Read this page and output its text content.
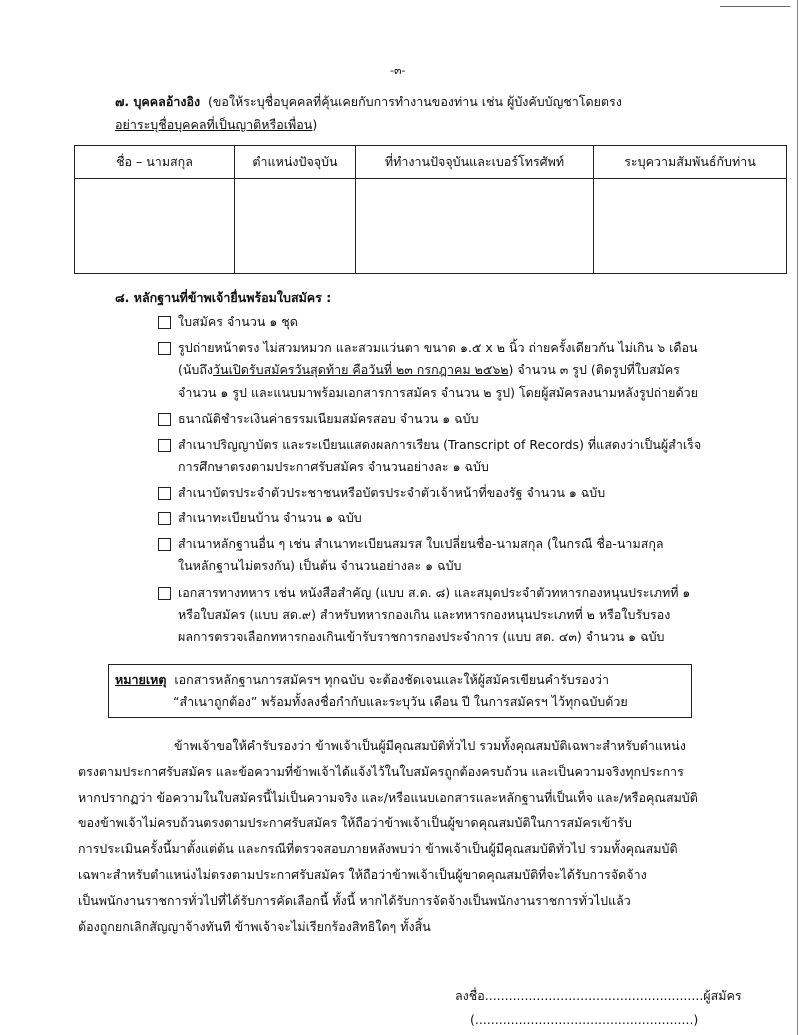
-๓-
๗. บุคคลอ้างอิง (ขอให้ระบุชื่อบุคคลที่คุ้นเคยกับการทำงานของท่าน เช่น ผู้บังคับบัญชาโดยตรง
อย่าระบุชื่อบุคคลที่เป็นญาติหรือเพื่อน)
ชื่อ – นามสกุล	ตำแหน่งปัจจุบัน	ที่ทำงานปัจจุบันและเบอร์โทรศัพท์	ระบุความสัมพันธ์กับท่าน

๘. หลักฐานที่ข้าพเจ้ายื่นพร้อมใบสมัคร :
ใบสมัคร จำนวน ๑ ชุด
รูปถ่ายหน้าตรง ไม่สวมหมวก และสวมแว่นตา ขนาด ๑.๕ x ๒ นิ้ว ถ่ายครั้งเดียวกัน ไม่เกิน ๖ เดือน
(นับถึงวันเปิดรับสมัครวันสุดท้าย คือวันที่ ๒๓ กรกฎาคม ๒๕๖๒) จำนวน ๓ รูป (ติดรูปที่ใบสมัคร
จำนวน ๑ รูป และแนบมาพร้อมเอกสารการสมัคร จำนวน ๒ รูป) โดยผู้สมัครลงนามหลังรูปถ่ายด้วย
ธนาณัติชำระเงินค่าธรรมเนียมสมัครสอบ จำนวน ๑ ฉบับ
สำเนาปริญญาบัตร และระเบียนแสดงผลการเรียน (Transcript of Records) ที่แสดงว่าเป็นผู้สำเร็จ
การศึกษาตรงตามประกาศรับสมัคร จำนวนอย่างละ ๑ ฉบับ
สำเนาบัตรประจำตัวประชาชนหรือบัตรประจำตัวเจ้าหน้าที่ของรัฐ จำนวน ๑ ฉบับ
สำเนาทะเบียนบ้าน จำนวน ๑ ฉบับ
สำเนาหลักฐานอื่น ๆ เช่น สำเนาทะเบียนสมรส ใบเปลี่ยนชื่อ-นามสกุล (ในกรณี ชื่อ-นามสกุล
ในหลักฐานไม่ตรงกัน) เป็นต้น จำนวนอย่างละ ๑ ฉบับ
เอกสารทางทหาร เช่น หนังสือสำคัญ (แบบ ส.ด. ๘) และสมุดประจำตัวทหารกองหนุนประเภทที่ ๑
หรือใบสมัคร (แบบ สด.๙) สำหรับทหารกองเกิน และทหารกองหนุนประเภทที่ ๒ หรือใบรับรอง
ผลการตรวจเลือกทหารกองเกินเข้ารับราชการกองประจำการ (แบบ สด. ๔๓) จำนวน ๑ ฉบับ
หมายเหตุ เอกสารหลักฐานการสมัครฯ ทุกฉบับ จะต้องชัดเจนและให้ผู้สมัครเขียนคำรับรองว่า
“สำเนาถูกต้อง” พร้อมทั้งลงชื่อกำกับและระบุวัน เดือน ปี ในการสมัครฯ ไว้ทุกฉบับด้วย
ข้าพเจ้าขอให้คำรับรองว่า ข้าพเจ้าเป็นผู้มีคุณสมบัติทั่วไป รวมทั้งคุณสมบัติเฉพาะสำหรับตำแหน่ง
ตรงตามประกาศรับสมัคร และข้อความที่ข้าพเจ้าได้แจ้งไว้ในใบสมัครถูกต้องครบถ้วน และเป็นความจริงทุกประการ
หากปรากฏว่า ข้อความในใบสมัครนี้ไม่เป็นความจริง และ/หรือแนบเอกสารและหลักฐานที่เป็นเท็จ และ/หรือคุณสมบัติ
ของข้าพเจ้าไม่ครบถ้วนตรงตามประกาศรับสมัคร ให้ถือว่าข้าพเจ้าเป็นผู้ขาดคุณสมบัติในการสมัครเข้ารับ
การประเมินครั้งนี้มาตั้งแต่ต้น และกรณีที่ตรวจสอบภายหลังพบว่า ข้าพเจ้าเป็นผู้มีคุณสมบัติทั่วไป รวมทั้งคุณสมบัติ
เฉพาะสำหรับตำแหน่งไม่ตรงตามประกาศรับสมัคร ให้ถือว่าข้าพเจ้าเป็นผู้ขาดคุณสมบัติที่จะได้รับการจัดจ้าง
เป็นพนักงานราชการทั่วไปที่ได้รับการคัดเลือกนี้ ทั้งนี้ หากได้รับการจัดจ้างเป็นพนักงานราชการทั่วไปแล้ว
ต้องถูกยกเลิกสัญญาจ้างทันที ข้าพเจ้าจะไม่เรียกร้องสิทธิใดๆ ทั้งสิ้น
ลงชื่อ.......................................................ผู้สมัคร
(.......................................................)
